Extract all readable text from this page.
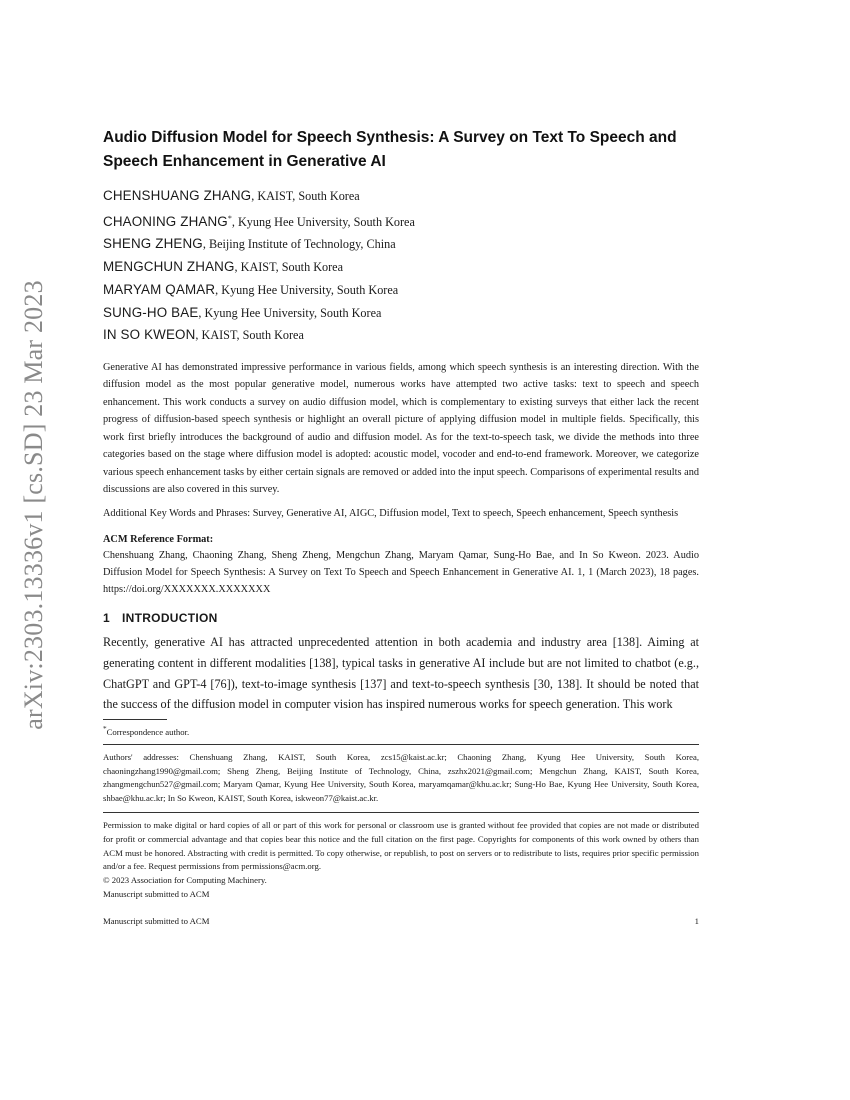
arXiv:2303.13336v1 [cs.SD] 23 Mar 2023
Audio Diffusion Model for Speech Synthesis: A Survey on Text To Speech and Speech Enhancement in Generative AI
CHENSHUANG ZHANG, KAIST, South Korea
CHAONING ZHANG*, Kyung Hee University, South Korea
SHENG ZHENG, Beijing Institute of Technology, China
MENGCHUN ZHANG, KAIST, South Korea
MARYAM QAMAR, Kyung Hee University, South Korea
SUNG-HO BAE, Kyung Hee University, South Korea
IN SO KWEON, KAIST, South Korea

Generative AI has demonstrated impressive performance in various fields, among which speech synthesis is an interesting direction. With the diffusion model as the most popular generative model, numerous works have attempted two active tasks: text to speech and speech enhancement. This work conducts a survey on audio diffusion model, which is complementary to existing surveys that either lack the recent progress of diffusion-based speech synthesis or highlight an overall picture of applying diffusion model in multiple fields. Specifically, this work first briefly introduces the background of audio and diffusion model. As for the text-to-speech task, we divide the methods into three categories based on the stage where diffusion model is adopted: acoustic model, vocoder and end-to-end framework. Moreover, we categorize various speech enhancement tasks by either certain signals are removed or added into the input speech. Comparisons of experimental results and discussions are also covered in this survey.

Additional Key Words and Phrases: Survey, Generative AI, AIGC, Diffusion model, Text to speech, Speech enhancement, Speech synthesis

ACM Reference Format:

Chenshuang Zhang, Chaoning Zhang, Sheng Zheng, Mengchun Zhang, Maryam Qamar, Sung-Ho Bae, and In So Kweon. 2023. Audio Diffusion Model for Speech Synthesis: A Survey on Text To Speech and Speech Enhancement in Generative AI. 1, 1 (March 2023), 18 pages. https://doi.org/XXXXXXX.XXXXXXX

1 INTRODUCTION

Recently, generative AI has attracted unprecedented attention in both academia and industry area [138]. Aiming at generating content in different modalities [138], typical tasks in generative AI include but are not limited to chatbot (e.g., ChatGPT and GPT-4 [76]), text-to-image synthesis [137] and text-to-speech synthesis [30, 138]. It should be noted that the success of the diffusion model in computer vision has inspired numerous works for speech generation. This work

*Correspondence author.

Authors' addresses: Chenshuang Zhang, KAIST, South Korea, zcs15@kaist.ac.kr; Chaoning Zhang, Kyung Hee University, South Korea, chaoningzhang1990@gmail.com; Sheng Zheng, Beijing Institute of Technology, China, zszhx2021@gmail.com; Mengchun Zhang, KAIST, South Korea, zhangmengchun527@gmail.com; Maryam Qamar, Kyung Hee University, South Korea, maryamqamar@khu.ac.kr; Sung-Ho Bae, Kyung Hee University, South Korea, shbae@khu.ac.kr; In So Kweon, KAIST, South Korea, iskweon77@kaist.ac.kr.

Permission to make digital or hard copies of all or part of this work for personal or classroom use is granted without fee provided that copies are not made or distributed for profit or commercial advantage and that copies bear this notice and the full citation on the first page. Copyrights for components of this work owned by others than ACM must be honored. Abstracting with credit is permitted. To copy otherwise, or republish, to post on servers or to redistribute to lists, requires prior specific permission and/or a fee. Request permissions from permissions@acm.org.

© 2023 Association for Computing Machinery.

Manuscript submitted to ACM

Manuscript submitted to ACM	1
